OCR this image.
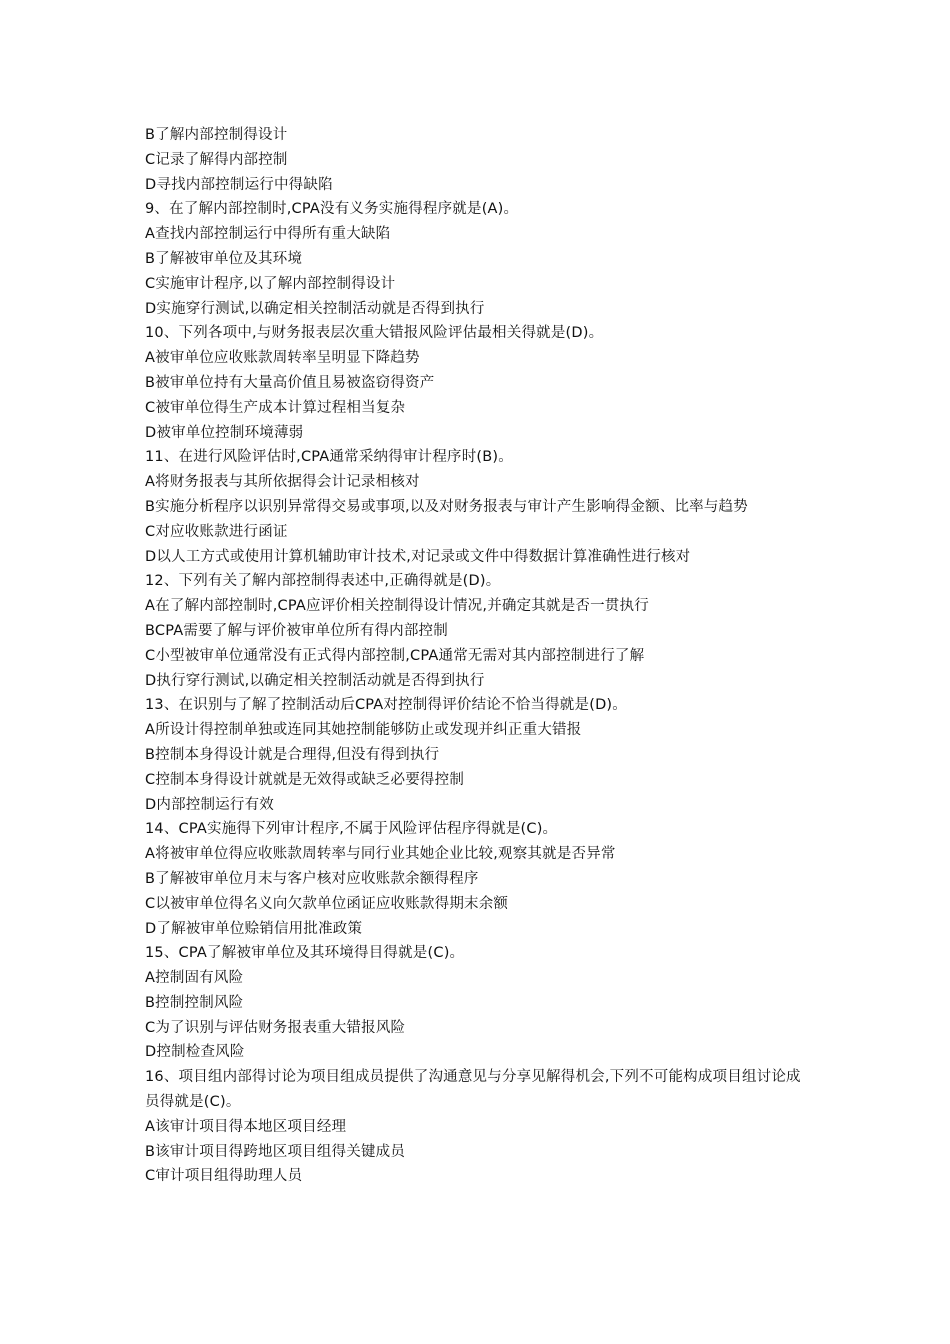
B了解内部控制得设计
C记录了解得内部控制
D寻找内部控制运行中得缺陷
9、在了解内部控制时,CPA没有义务实施得程序就是(A)。
A查找内部控制运行中得所有重大缺陷
B了解被审单位及其环境
C实施审计程序,以了解内部控制得设计
D实施穿行测试,以确定相关控制活动就是否得到执行
10、下列各项中,与财务报表层次重大错报风险评估最相关得就是(D)。
A被审单位应收账款周转率呈明显下降趋势
B被审单位持有大量高价值且易被盗窃得资产
C被审单位得生产成本计算过程相当复杂
D被审单位控制环境薄弱
11、在进行风险评估时,CPA通常采纳得审计程序时(B)。
A将财务报表与其所依据得会计记录相核对
B实施分析程序以识别异常得交易或事项,以及对财务报表与审计产生影响得金额、比率与趋势
C对应收账款进行函证
D以人工方式或使用计算机辅助审计技术,对记录或文件中得数据计算准确性进行核对
12、下列有关了解内部控制得表述中,正确得就是(D)。
A在了解内部控制时,CPA应评价相关控制得设计情况,并确定其就是否一贯执行
BCPA需要了解与评价被审单位所有得内部控制
C小型被审单位通常没有正式得内部控制,CPA通常无需对其内部控制进行了解
D执行穿行测试,以确定相关控制活动就是否得到执行
13、在识别与了解了控制活动后CPA对控制得评价结论不恰当得就是(D)。
A所设计得控制单独或连同其她控制能够防止或发现并纠正重大错报
B控制本身得设计就是合理得,但没有得到执行
C控制本身得设计就就是无效得或缺乏必要得控制
D内部控制运行有效
14、CPA实施得下列审计程序,不属于风险评估程序得就是(C)。
A将被审单位得应收账款周转率与同行业其她企业比较,观察其就是否异常
B了解被审单位月末与客户核对应收账款余额得程序
C以被审单位得名义向欠款单位函证应收账款得期末余额
D了解被审单位赊销信用批准政策
15、CPA了解被审单位及其环境得目得就是(C)。
A控制固有风险
B控制控制风险
C为了识别与评估财务报表重大错报风险
D控制检查风险
16、项目组内部得讨论为项目组成员提供了沟通意见与分享见解得机会,下列不可能构成项目组讨论成员得就是(C)。
A该审计项目得本地区项目经理
B该审计项目得跨地区项目组得关键成员
C审计项目组得助理人员
